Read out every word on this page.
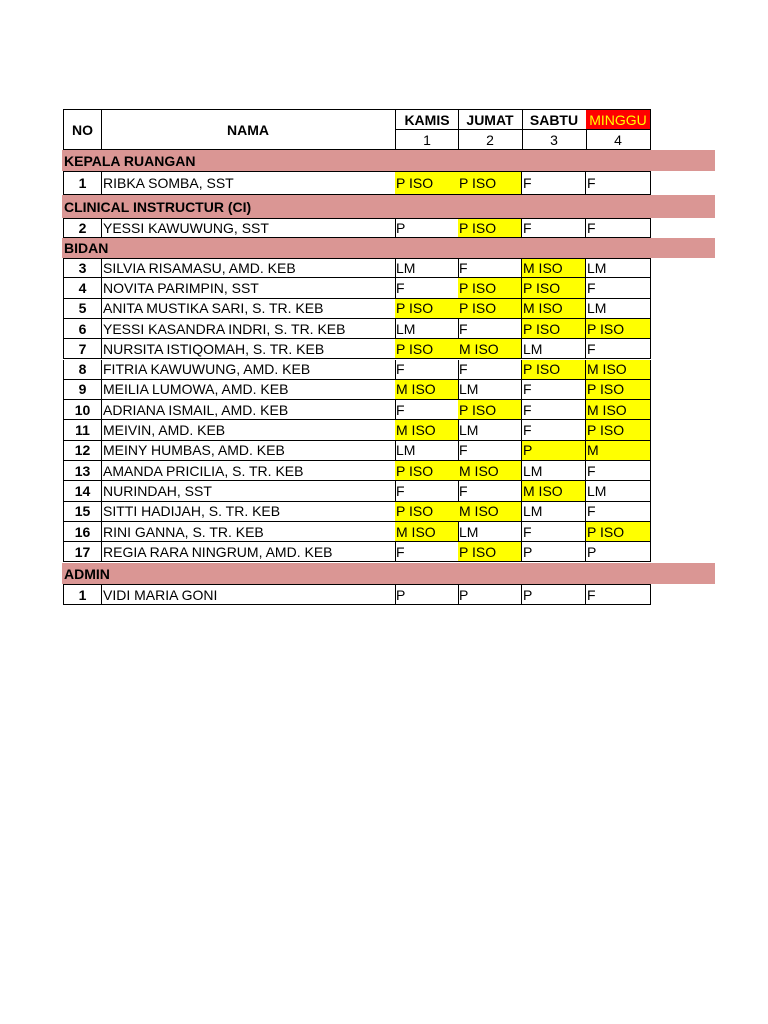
NO	NAMA
KAMIS	JUMAT	SABTU MINGGU
1	2	3	4
KEPALA RUANGAN
1	RIBKA SOMBA, SST	P ISO	P ISO	F	F
CLINICAL INSTRUCTUR (CI)
2	YESSI KAWUWUNG, SST	P	P ISO	F	F
BIDAN
3	SILVIA RISAMASU, AMD. KEB	LM	F	M ISO	LM
4	NOVITA PARIMPIN, SST	F	P ISO	P ISO	F
5	ANITA MUSTIKA SARI, S. TR. KEB	P ISO	P ISO	M ISO	LM
6	YESSI KASANDRA INDRI, S. TR. KEB	LM	F	P ISO	P ISO
7	NURSITA ISTIQOMAH, S. TR. KEB	P ISO	M ISO	LM	F
8	FITRIA KAWUWUNG, AMD. KEB	F	F	P ISO	M ISO
9	MEILIA LUMOWA, AMD. KEB	M ISO	LM	F	P ISO
10 ADRIANA ISMAIL, AMD. KEB	F	P ISO	F	M ISO
11 MEIVIN, AMD. KEB	M ISO	LM	F	P ISO
12 MEINY HUMBAS, AMD. KEB	LM	F	P	M
13 AMANDA PRICILIA, S. TR. KEB	P ISO	M ISO	LM	F
14 NURINDAH, SST	F	F	M ISO	LM
15 SITTI HADIJAH, S. TR. KEB	P ISO	M ISO	LM	F
16 RINI GANNA, S. TR. KEB	M ISO	LM	F	P ISO
17 REGIA RARA NINGRUM, AMD. KEB	F	P ISO	P	P
ADMIN
1	VIDI MARIA GONI	P	P	P	F
